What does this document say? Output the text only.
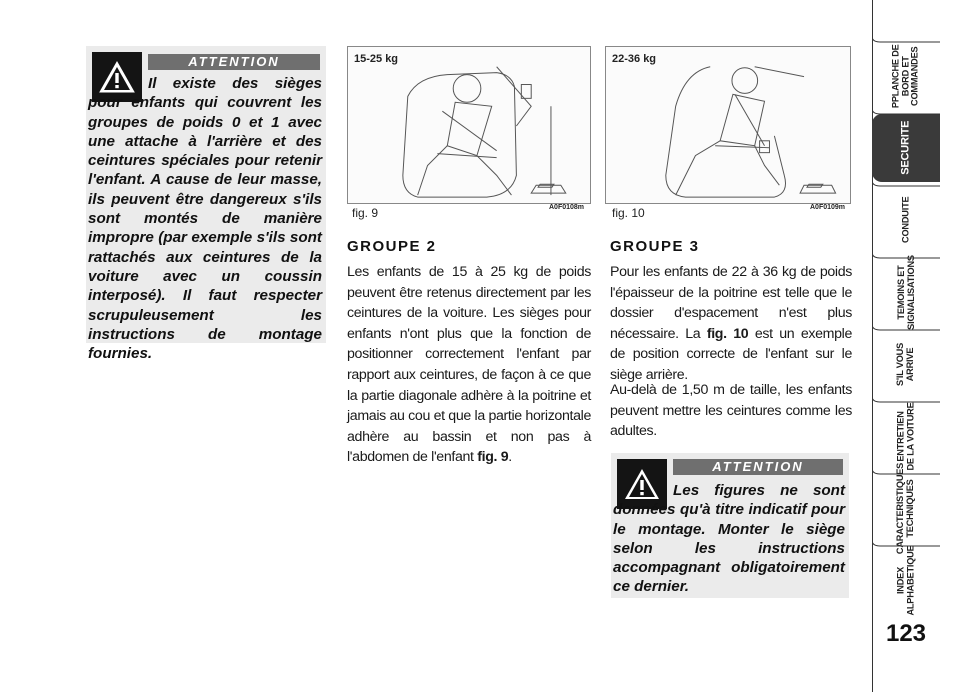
ATTENTION
Il existe des sièges pour enfants qui couvrent les groupes de poids 0 et 1 avec une attache à l'arrière et des ceintures spéciales pour retenir l'enfant. A cause de leur masse, ils peuvent être dangereux s'ils sont montés de manière impropre (par exemple s'ils sont rattachés aux ceintures de la voiture avec un coussin interposé). Il faut respecter scrupuleusement les instructions de montage fournies.
15-25 kg
fig. 9	A0F0108m
22-36 kg
fig. 10	A0F0109m
GROUPE 2
Les enfants de 15 à 25 kg de poids peuvent être retenus directement par les ceintures de la voiture. Les sièges pour enfants n'ont plus que la fonction de positionner correctement l'enfant par rapport aux ceintures, de façon à ce que la partie diagonale adhère à la poitrine et jamais au cou et que la partie horizontale adhère au bassin et non pas à l'abdomen de l'enfant fig. 9.
GROUPE 3
Pour les enfants de 22 à 36 kg de poids l'épaisseur de la poitrine est telle que le dossier d'espacement n'est plus nécessaire. La fig. 10 est un exemple de position correcte de l'enfant sur le siège arrière.
Au-delà de 1,50 m de taille, les enfants peuvent mettre les ceintures comme les adultes.
ATTENTION
Les figures ne sont données qu'à titre indicatif pour le montage. Monter le siège selon les instructions accompagnant obligatoirement ce dernier.
123
PPLANCHE DE
BORD ET
COMMANDES
SECURITE
CONDUITE
TEMOINS ET
SIGNALISATIONS
S'IL VOUS
ARRIVE
ENTRETIEN
DE LA VOITURE
CARACTERISTIQUES
TECHNIQUES
INDEX
ALPHABETIQUE
